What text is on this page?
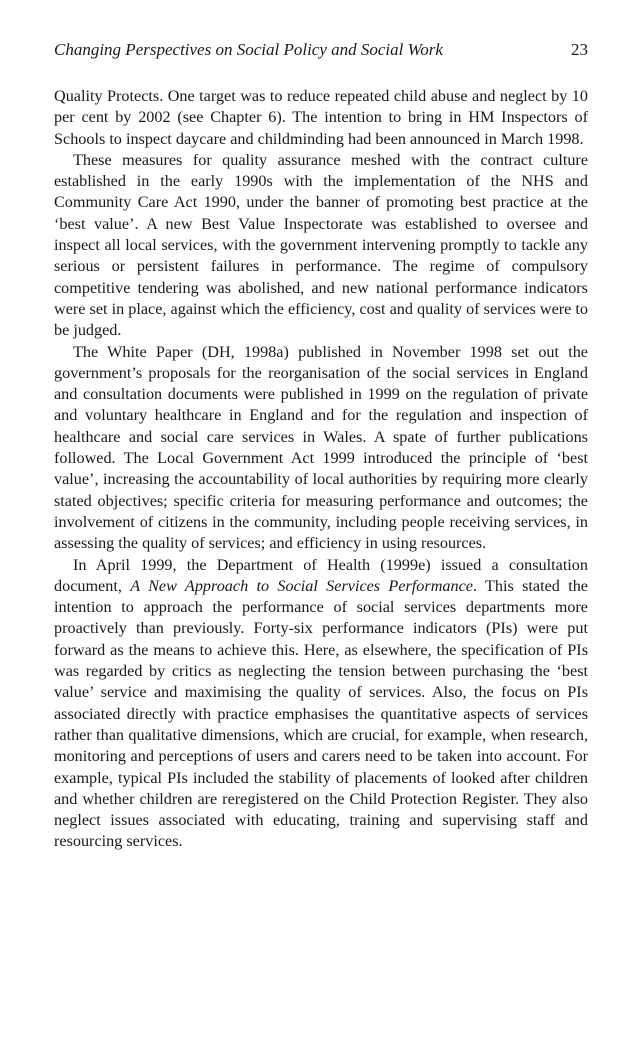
Changing Perspectives on Social Policy and Social Work	23

Quality Protects. One target was to reduce repeated child abuse and neglect by 10 per cent by 2002 (see Chapter 6). The intention to bring in HM Inspectors of Schools to inspect daycare and childminding had been announced in March 1998.

These measures for quality assurance meshed with the contract culture established in the early 1990s with the implementation of the NHS and Community Care Act 1990, under the banner of promoting best practice at the ‘best value’. A new Best Value Inspectorate was established to oversee and inspect all local services, with the government intervening promptly to tackle any serious or persistent failures in performance. The regime of compulsory competitive tendering was abolished, and new national performance indicators were set in place, against which the efficiency, cost and quality of services were to be judged.

The White Paper (DH, 1998a) published in November 1998 set out the government’s proposals for the reorganisation of the social services in England and consultation documents were published in 1999 on the regulation of private and voluntary healthcare in England and for the regulation and inspection of healthcare and social care services in Wales. A spate of further publications followed. The Local Government Act 1999 introduced the principle of ‘best value’, increasing the accountability of local authorities by requiring more clearly stated objectives; specific criteria for measuring performance and outcomes; the involvement of citizens in the community, including people receiving services, in assessing the quality of services; and efficiency in using resources.

In April 1999, the Department of Health (1999e) issued a consultation document, A New Approach to Social Services Performance. This stated the intention to approach the performance of social services departments more proactively than previously. Forty-six performance indicators (PIs) were put forward as the means to achieve this. Here, as elsewhere, the specification of PIs was regarded by critics as neglecting the tension between purchasing the ‘best value’ service and maximising the quality of services. Also, the focus on PIs associated directly with practice emphasises the quantitative aspects of services rather than qualitative dimensions, which are crucial, for example, when research, monitoring and perceptions of users and carers need to be taken into account. For example, typical PIs included the stability of placements of looked after children and whether children are reregistered on the Child Protection Register. They also neglect issues associated with educating, training and supervising staff and resourcing services.
